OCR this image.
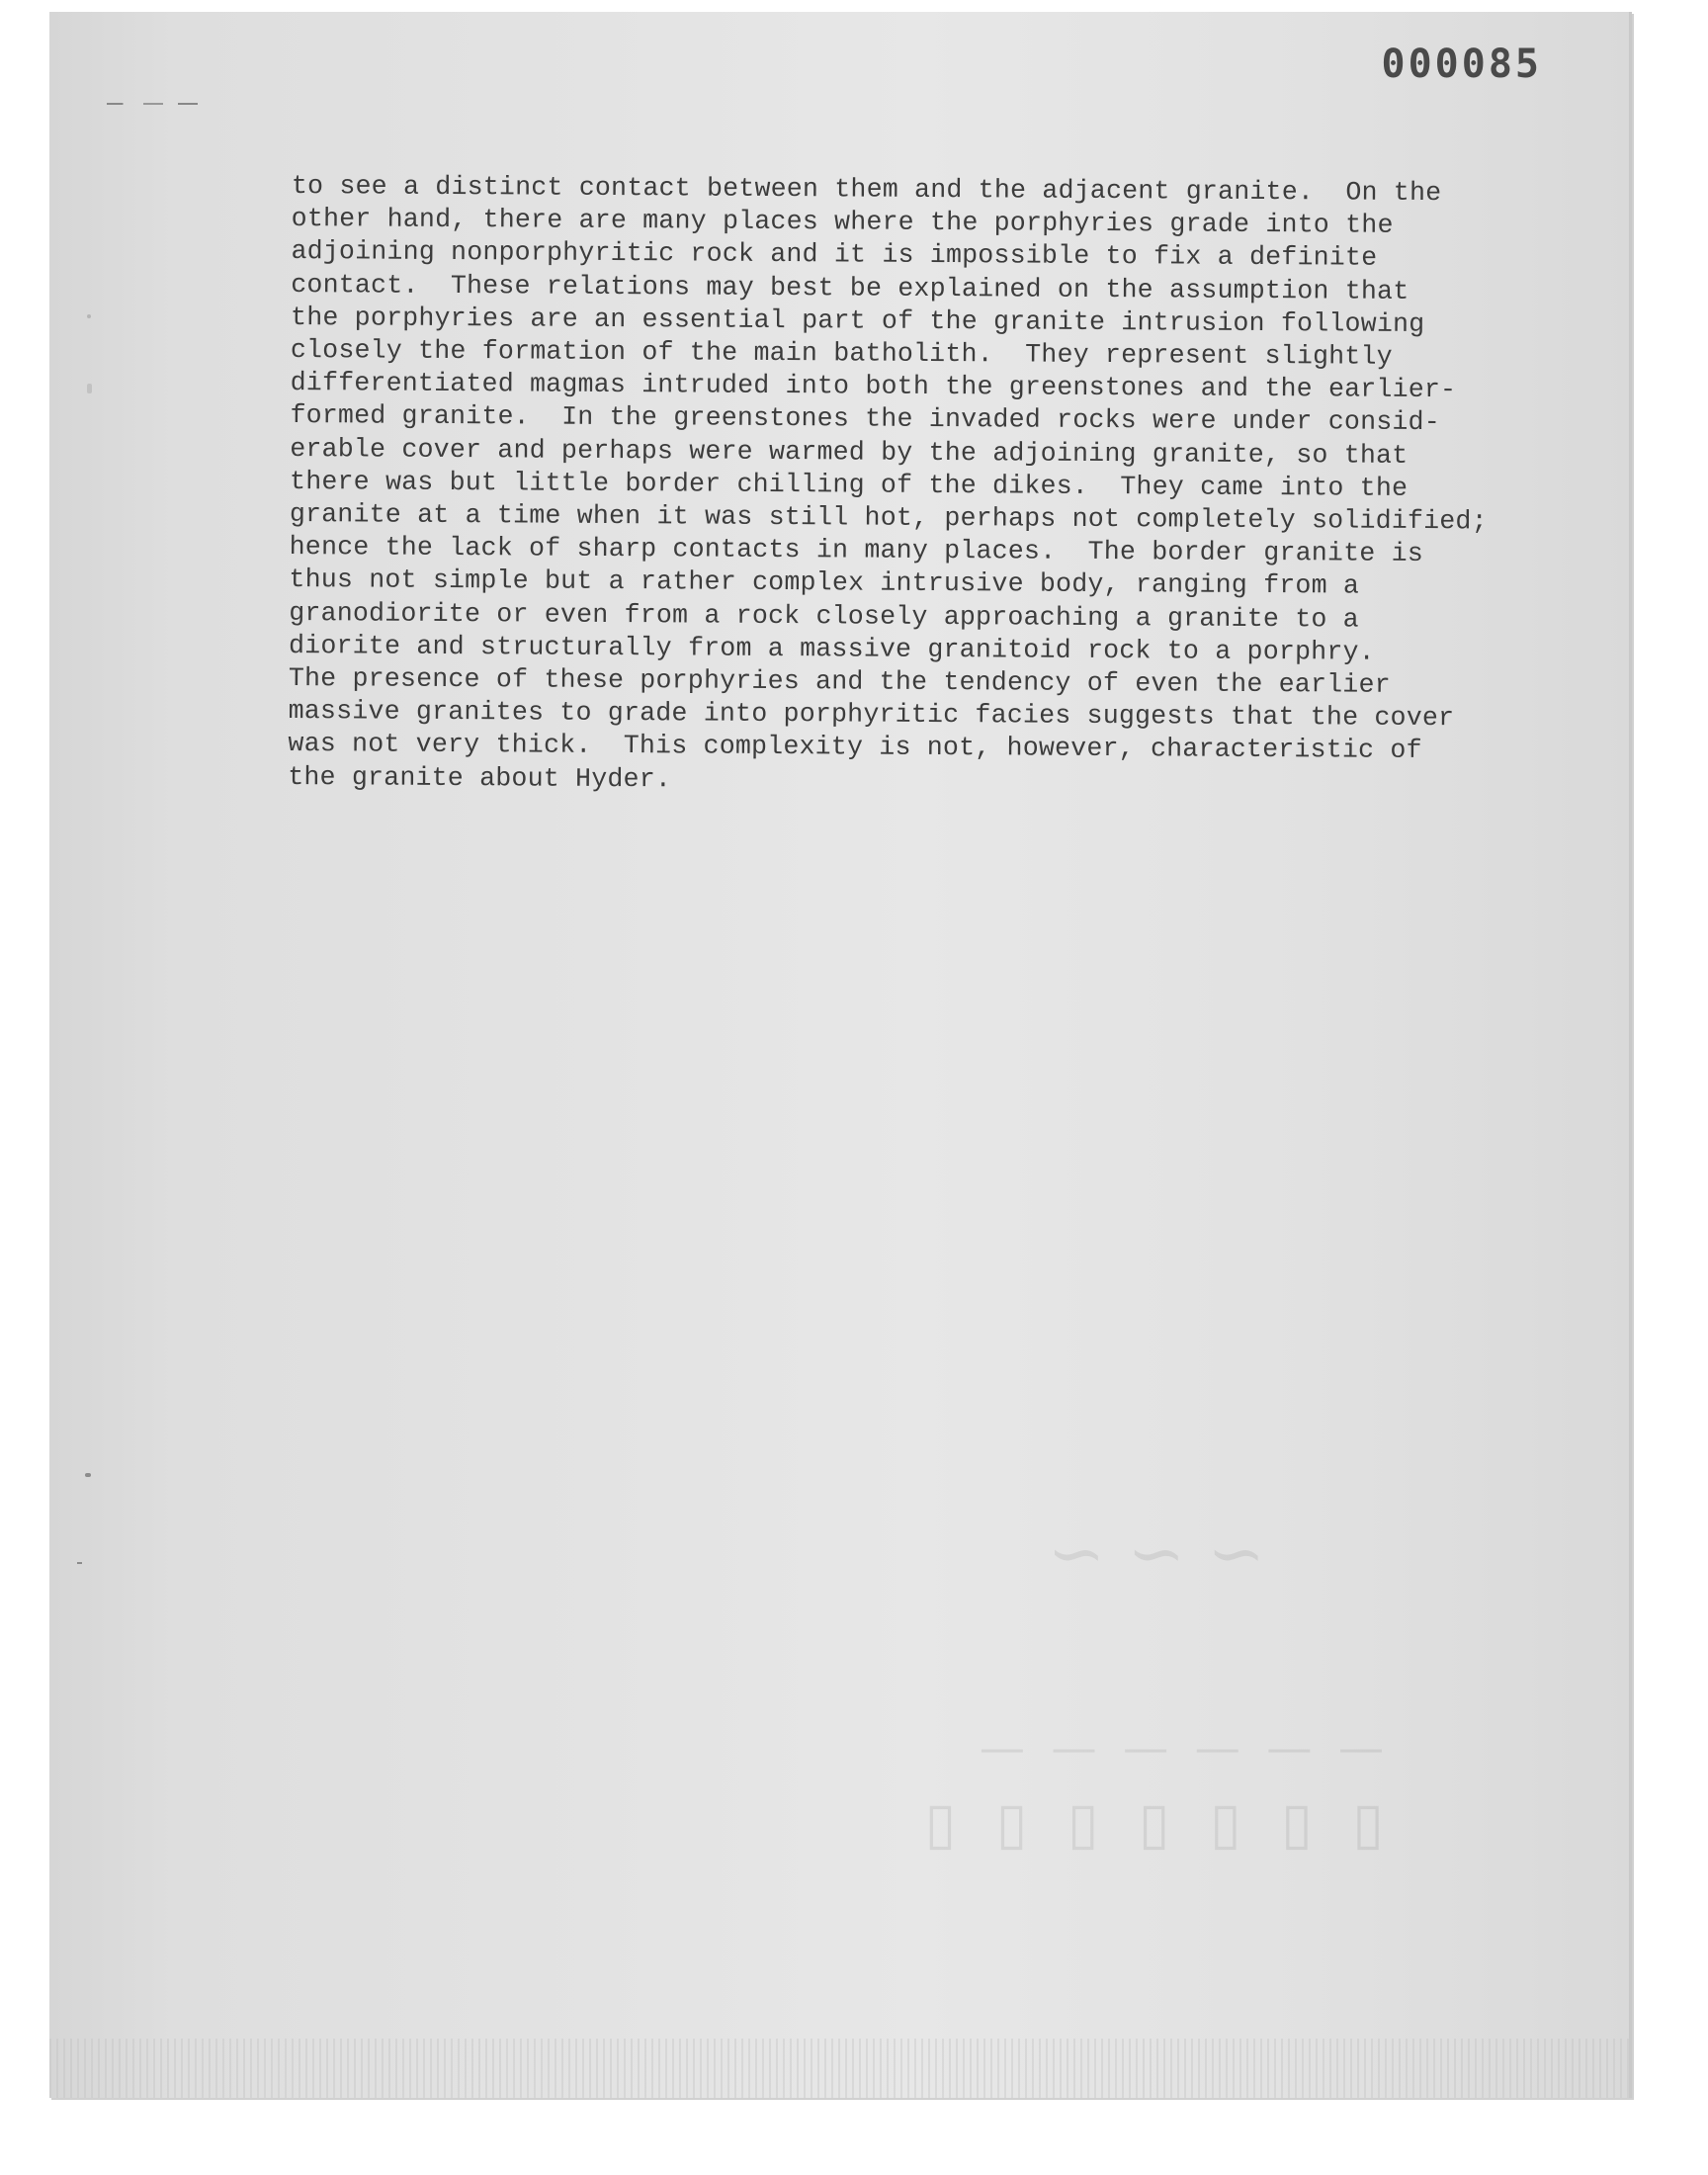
000085
to see a distinct contact between them and the adjacent granite.  On the
other hand, there are many places where the porphyries grade into the
adjoining nonporphyritic rock and it is impossible to fix a definite
contact.  These relations may best be explained on the assumption that
the porphyries are an essential part of the granite intrusion following
closely the formation of the main batholith.  They represent slightly
differentiated magmas intruded into both the greenstones and the earlier-
formed granite.  In the greenstones the invaded rocks were under consid-
erable cover and perhaps were warmed by the adjoining granite, so that
there was but little border chilling of the dikes.  They came into the
granite at a time when it was still hot, perhaps not completely solidified;
hence the lack of sharp contacts in many places.  The border granite is
thus not simple but a rather complex intrusive body, ranging from a
granodiorite or even from a rock closely approaching a granite to a
diorite and structurally from a massive granitoid rock to a porphry.
The presence of these porphyries and the tendency of even the earlier
massive granites to grade into porphyritic facies suggests that the cover
was not very thick.  This complexity is not, however, characteristic of
the granite about Hyder.
